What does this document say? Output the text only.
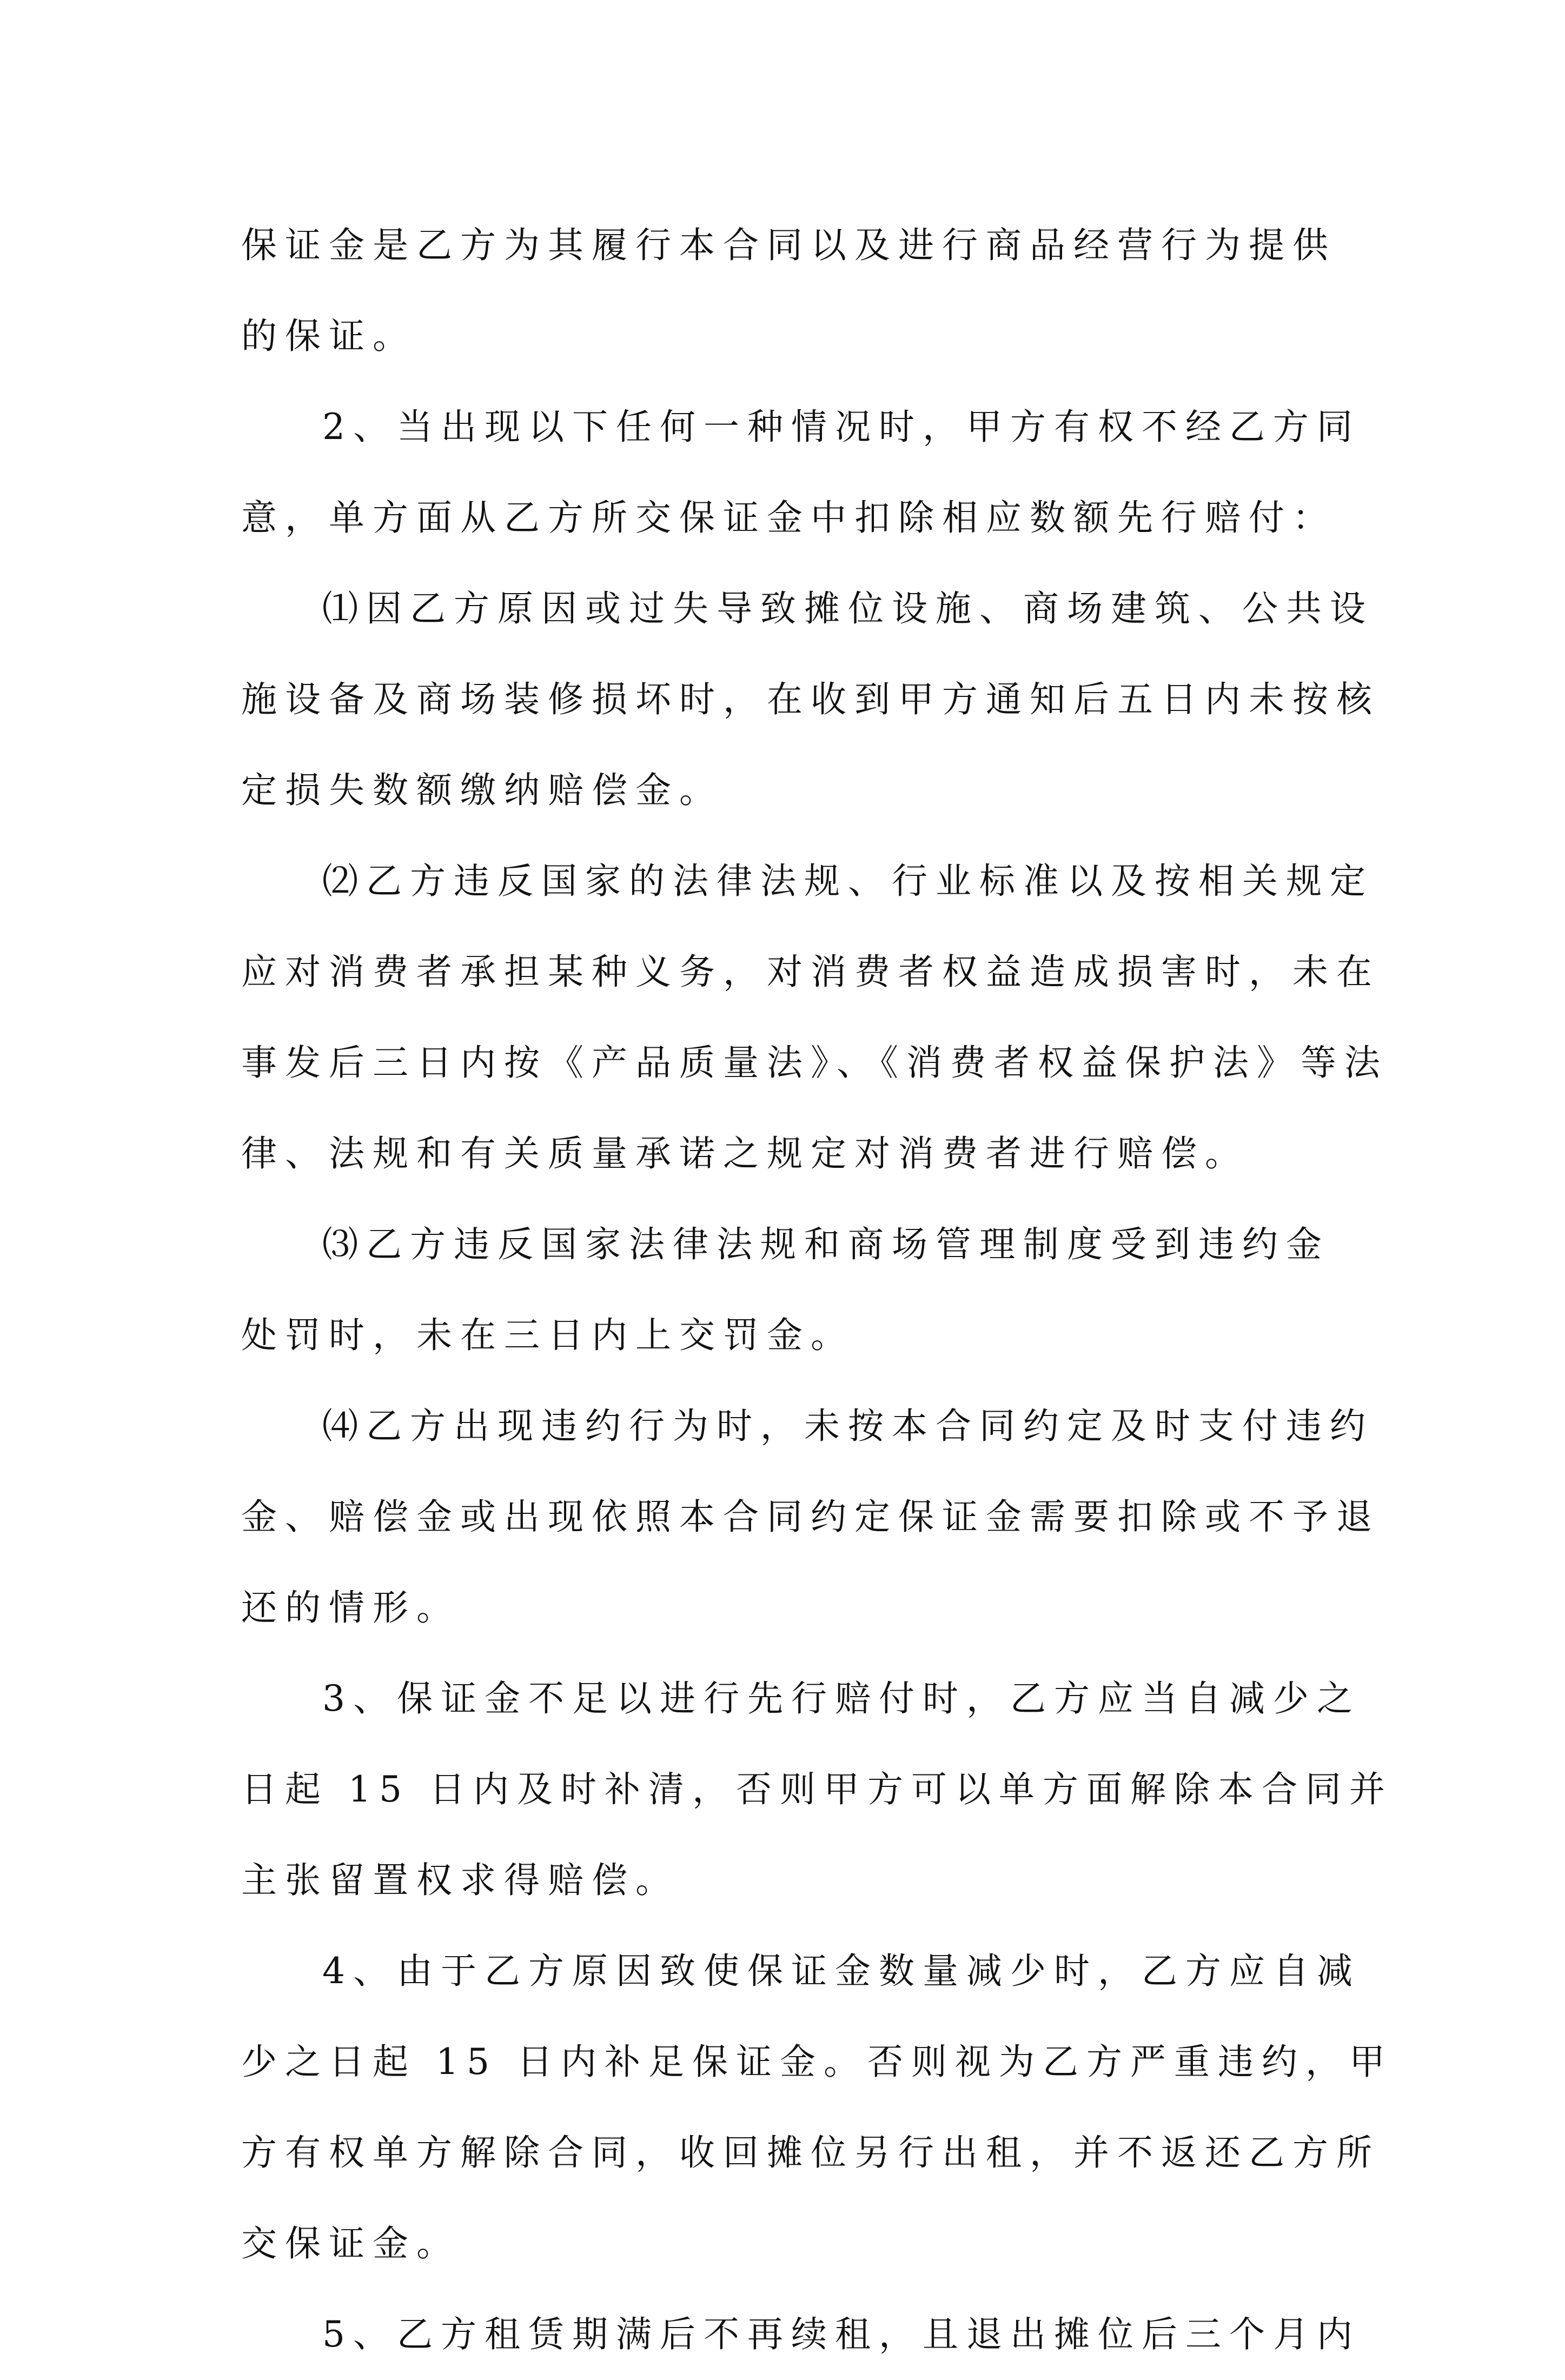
保证金是乙方为其履行本合同以及进行商品经营行为提供
的保证。
2、当出现以下任何一种情况时，甲方有权不经乙方同
意，单方面从乙方所交保证金中扣除相应数额先行赔付：
⑴因乙方原因或过失导致摊位设施、商场建筑、公共设
施设备及商场装修损坏时，在收到甲方通知后五日内未按核
定损失数额缴纳赔偿金。
⑵乙方违反国家的法律法规、行业标准以及按相关规定
应对消费者承担某种义务，对消费者权益造成损害时，未在
事发后三日内按《产品质量法》、《消费者权益保护法》等法
律、法规和有关质量承诺之规定对消费者进行赔偿。
⑶乙方违反国家法律法规和商场管理制度受到违约金
处罚时，未在三日内上交罚金。
⑷乙方出现违约行为时，未按本合同约定及时支付违约
金、赔偿金或出现依照本合同约定保证金需要扣除或不予退
还的情形。
3、保证金不足以进行先行赔付时，乙方应当自减少之
日起 15 日内及时补清，否则甲方可以单方面解除本合同并
主张留置权求得赔偿。
4、由于乙方原因致使保证金数量减少时，乙方应自减
少之日起 15 日内补足保证金。否则视为乙方严重违约，甲
方有权单方解除合同，收回摊位另行出租，并不返还乙方所
交保证金。
5、乙方租赁期满后不再续租，且退出摊位后三个月内
